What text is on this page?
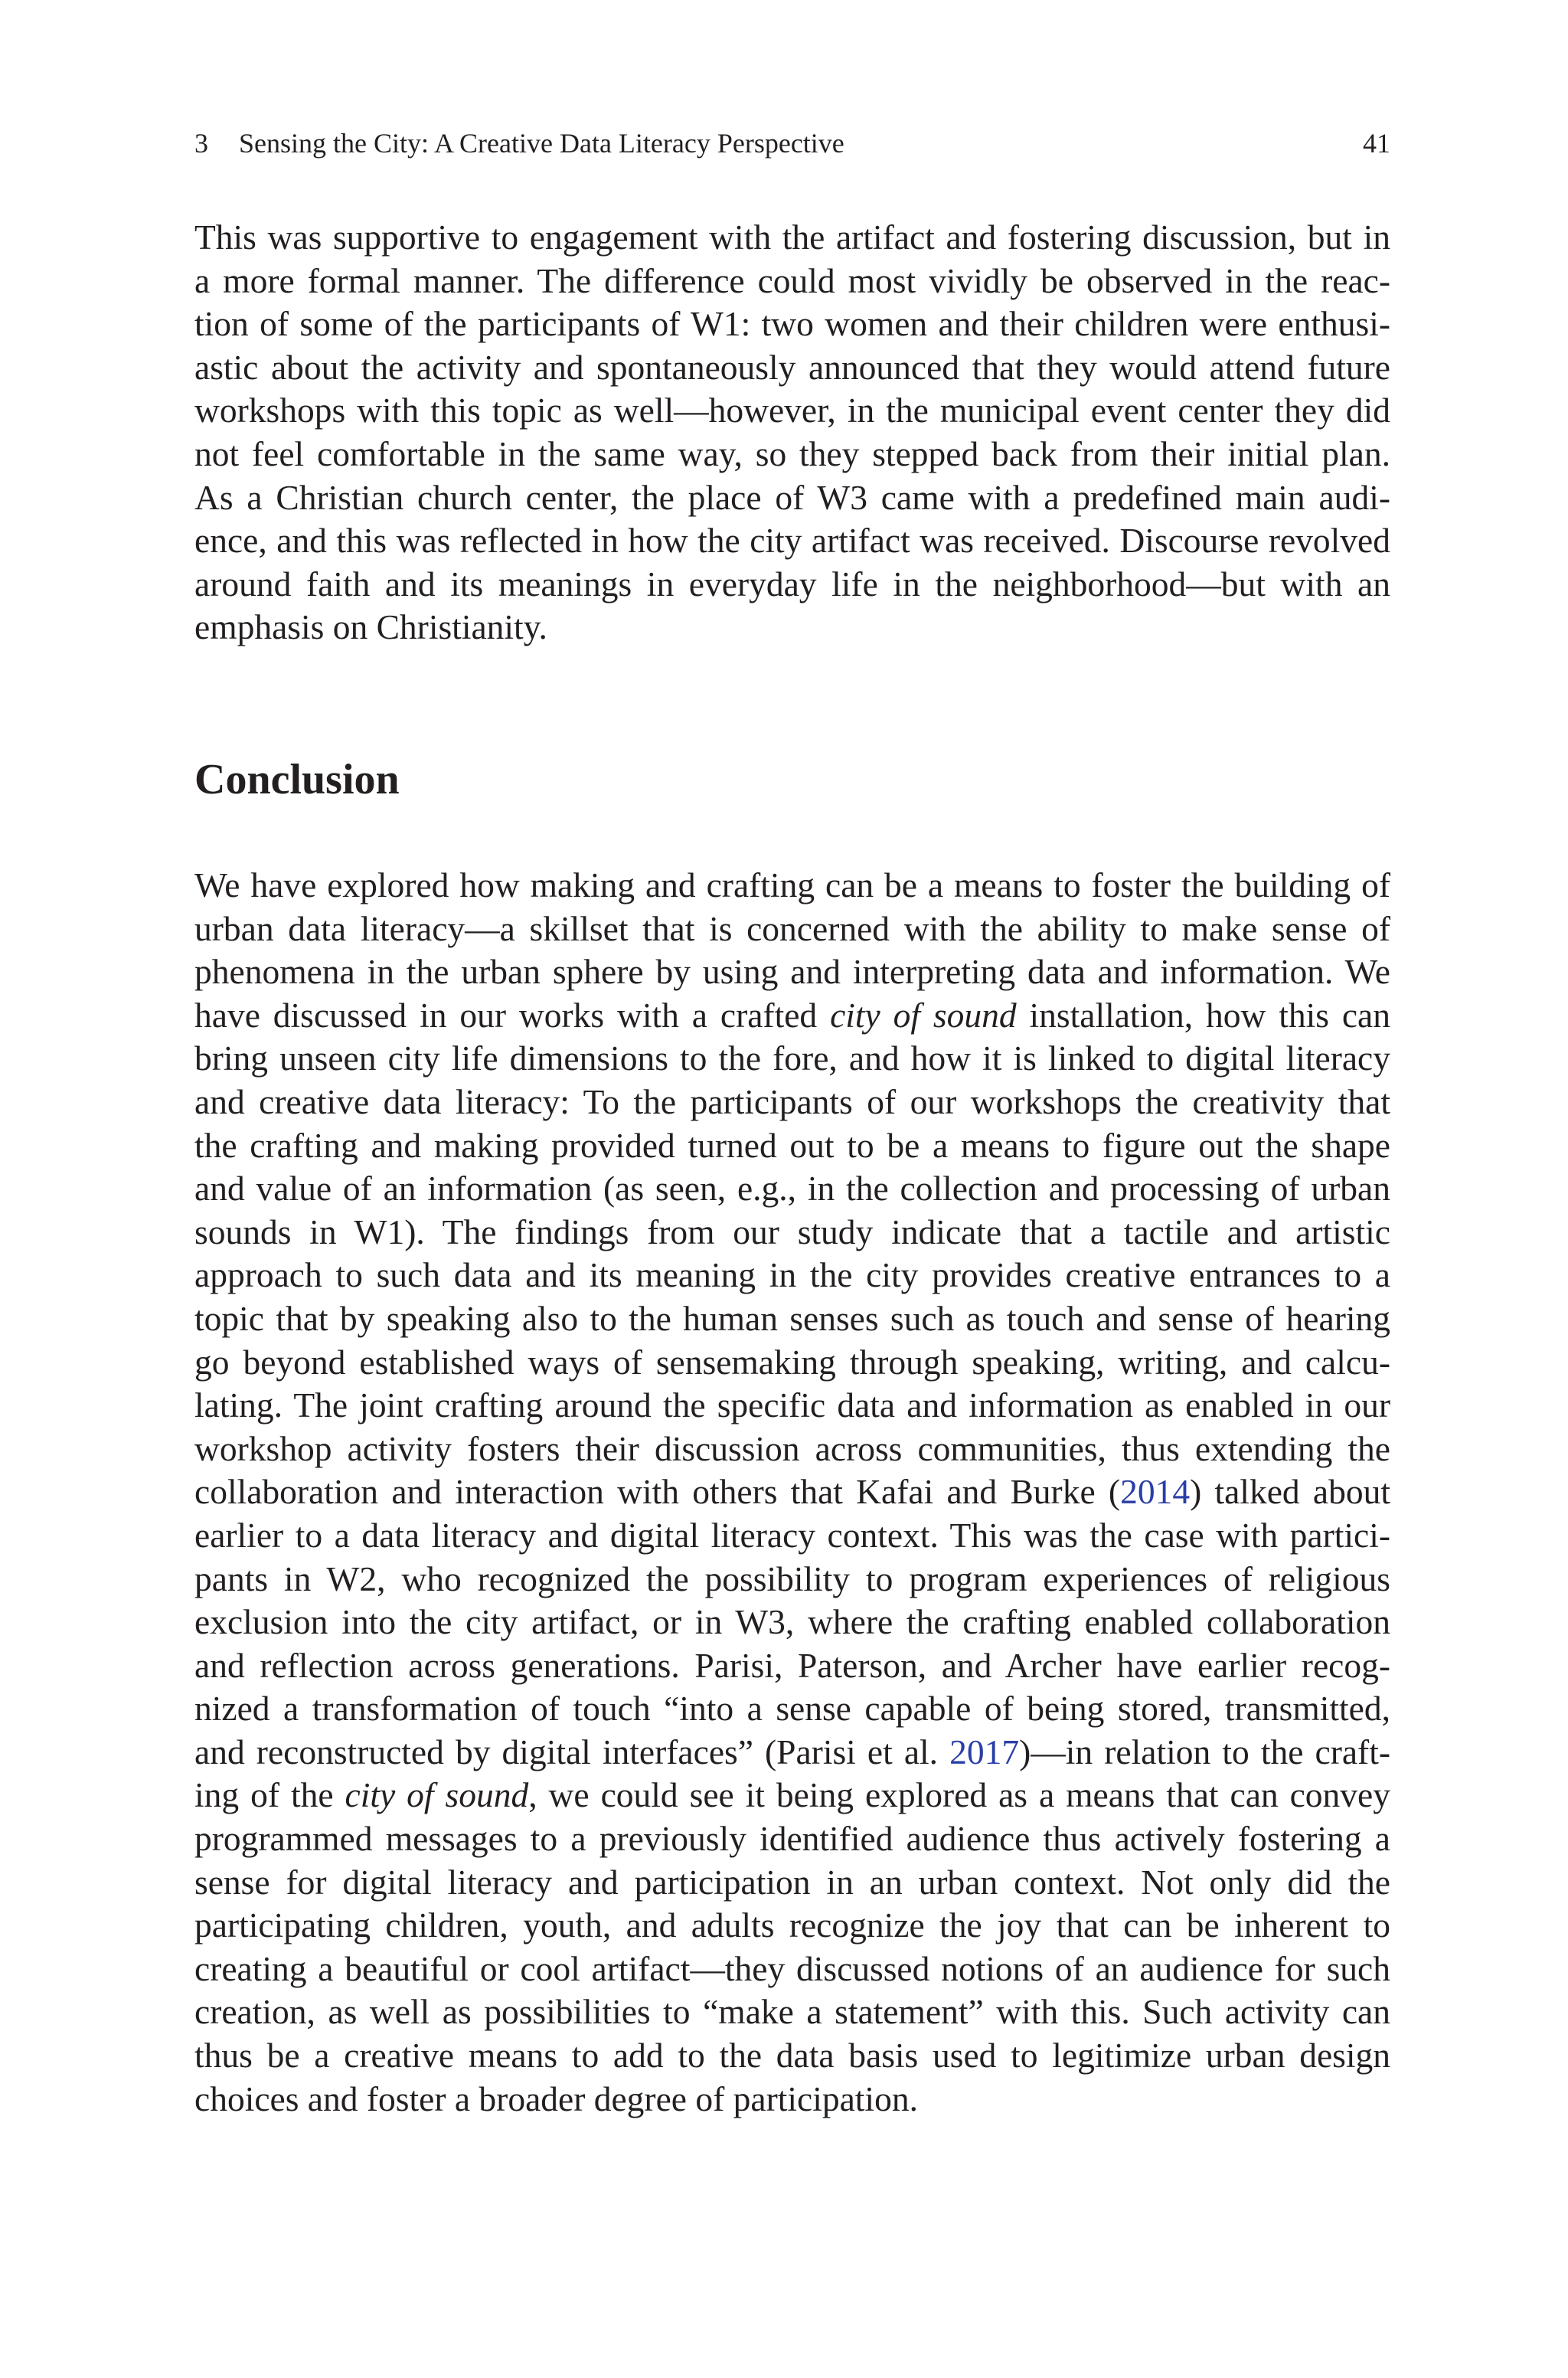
3 Sensing the City: A Creative Data Literacy Perspective	41
This was supportive to engagement with the artifact and fostering discussion, but in
a more formal manner. The difference could most vividly be observed in the reac-
tion of some of the participants of W1: two women and their children were enthusi-
astic about the activity and spontaneously announced that they would attend future
workshops with this topic as well—however, in the municipal event center they did
not feel comfortable in the same way, so they stepped back from their initial plan.
As a Christian church center, the place of W3 came with a predefined main audi-
ence, and this was reflected in how the city artifact was received. Discourse revolved
around faith and its meanings in everyday life in the neighborhood—but with an
emphasis on Christianity.
Conclusion
We have explored how making and crafting can be a means to foster the building of
urban data literacy—a skillset that is concerned with the ability to make sense of
phenomena in the urban sphere by using and interpreting data and information. We
have discussed in our works with a crafted city of sound installation, how this can
bring unseen city life dimensions to the fore, and how it is linked to digital literacy
and creative data literacy: To the participants of our workshops the creativity that
the crafting and making provided turned out to be a means to figure out the shape
and value of an information (as seen, e.g., in the collection and processing of urban
sounds in W1). The findings from our study indicate that a tactile and artistic
approach to such data and its meaning in the city provides creative entrances to a
topic that by speaking also to the human senses such as touch and sense of hearing
go beyond established ways of sensemaking through speaking, writing, and calcu-
lating. The joint crafting around the specific data and information as enabled in our
workshop activity fosters their discussion across communities, thus extending the
collaboration and interaction with others that Kafai and Burke (2014) talked about
earlier to a data literacy and digital literacy context. This was the case with partici-
pants in W2, who recognized the possibility to program experiences of religious
exclusion into the city artifact, or in W3, where the crafting enabled collaboration
and reflection across generations. Parisi, Paterson, and Archer have earlier recog-
nized a transformation of touch “into a sense capable of being stored, transmitted,
and reconstructed by digital interfaces” (Parisi et al. 2017)—in relation to the craft-
ing of the city of sound, we could see it being explored as a means that can convey
programmed messages to a previously identified audience thus actively fostering a
sense for digital literacy and participation in an urban context. Not only did the
participating children, youth, and adults recognize the joy that can be inherent to
creating a beautiful or cool artifact—they discussed notions of an audience for such
creation, as well as possibilities to “make a statement” with this. Such activity can
thus be a creative means to add to the data basis used to legitimize urban design
choices and foster a broader degree of participation.
